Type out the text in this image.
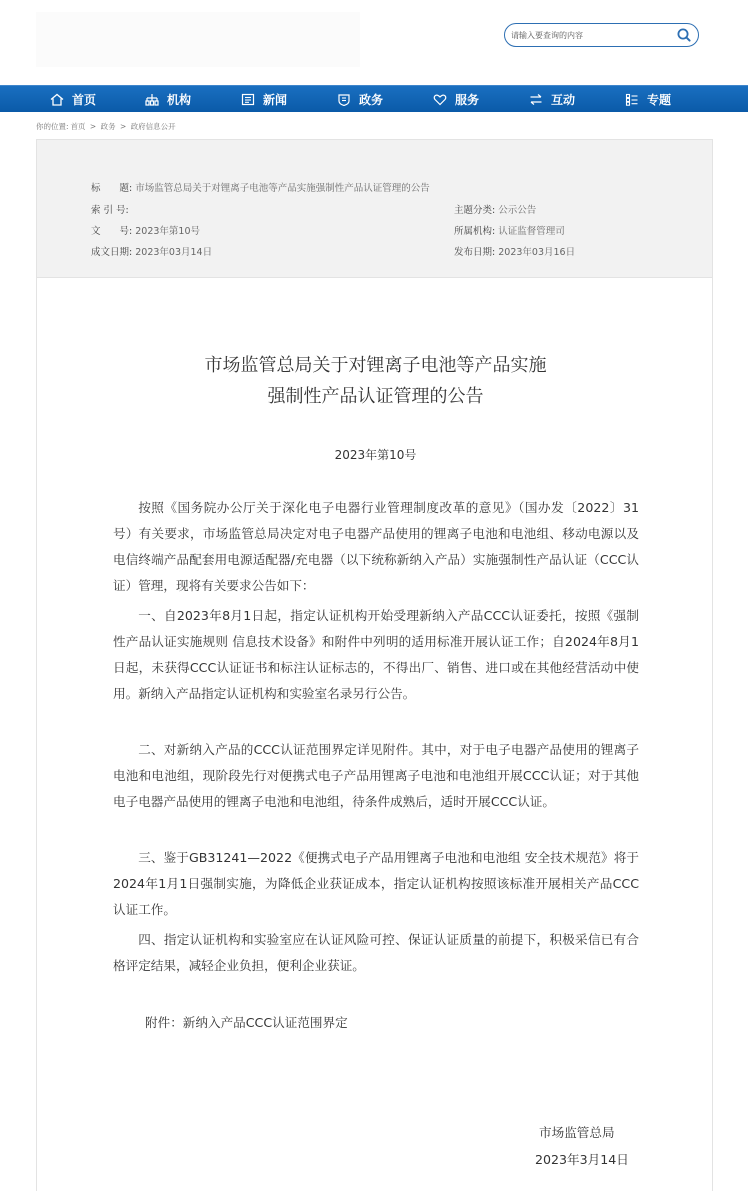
请输入要查询的内容
首页	机构	新闻	政务	服务	互动	专题
你的位置: 首页 > 政务 > 政府信息公开
标　　题: 市场监管总局关于对锂离子电池等产品实施强制性产品认证管理的公告
索 引 号:	主题分类: 公示公告
文　　号: 2023年第10号	所属机构: 认证监督管理司
成文日期: 2023年03月14日	发布日期: 2023年03月16日
市场监管总局关于对锂离子电池等产品实施
强制性产品认证管理的公告
2023年第10号

按照《国务院办公厅关于深化电子电器行业管理制度改革的意见》（国办发〔2022〕31号）有关要求，市场监管总局决定对电子电器产品使用的锂离子电池和电池组、移动电源以及电信终端产品配套用电源适配器/充电器（以下统称新纳入产品）实施强制性产品认证（CCC认证）管理，现将有关要求公告如下：

一、自2023年8月1日起，指定认证机构开始受理新纳入产品CCC认证委托，按照《强制性产品认证实施规则 信息技术设备》和附件中列明的适用标准开展认证工作；自2024年8月1日起，未获得CCC认证证书和标注认证标志的，不得出厂、销售、进口或在其他经营活动中使用。新纳入产品指定认证机构和实验室名录另行公告。

二、对新纳入产品的CCC认证范围界定详见附件。其中，对于电子电器产品使用的锂离子电池和电池组，现阶段先行对便携式电子产品用锂离子电池和电池组开展CCC认证；对于其他电子电器产品使用的锂离子电池和电池组，待条件成熟后，适时开展CCC认证。

三、鉴于GB31241—2022《便携式电子产品用锂离子电池和电池组 安全技术规范》将于2024年1月1日强制实施，为降低企业获证成本，指定认证机构按照该标准开展相关产品CCC认证工作。

四、指定认证机构和实验室应在认证风险可控、保证认证质量的前提下，积极采信已有合格评定结果，减轻企业负担，便利企业获证。

附件：新纳入产品CCC认证范围界定
市场监管总局
2023年3月14日
